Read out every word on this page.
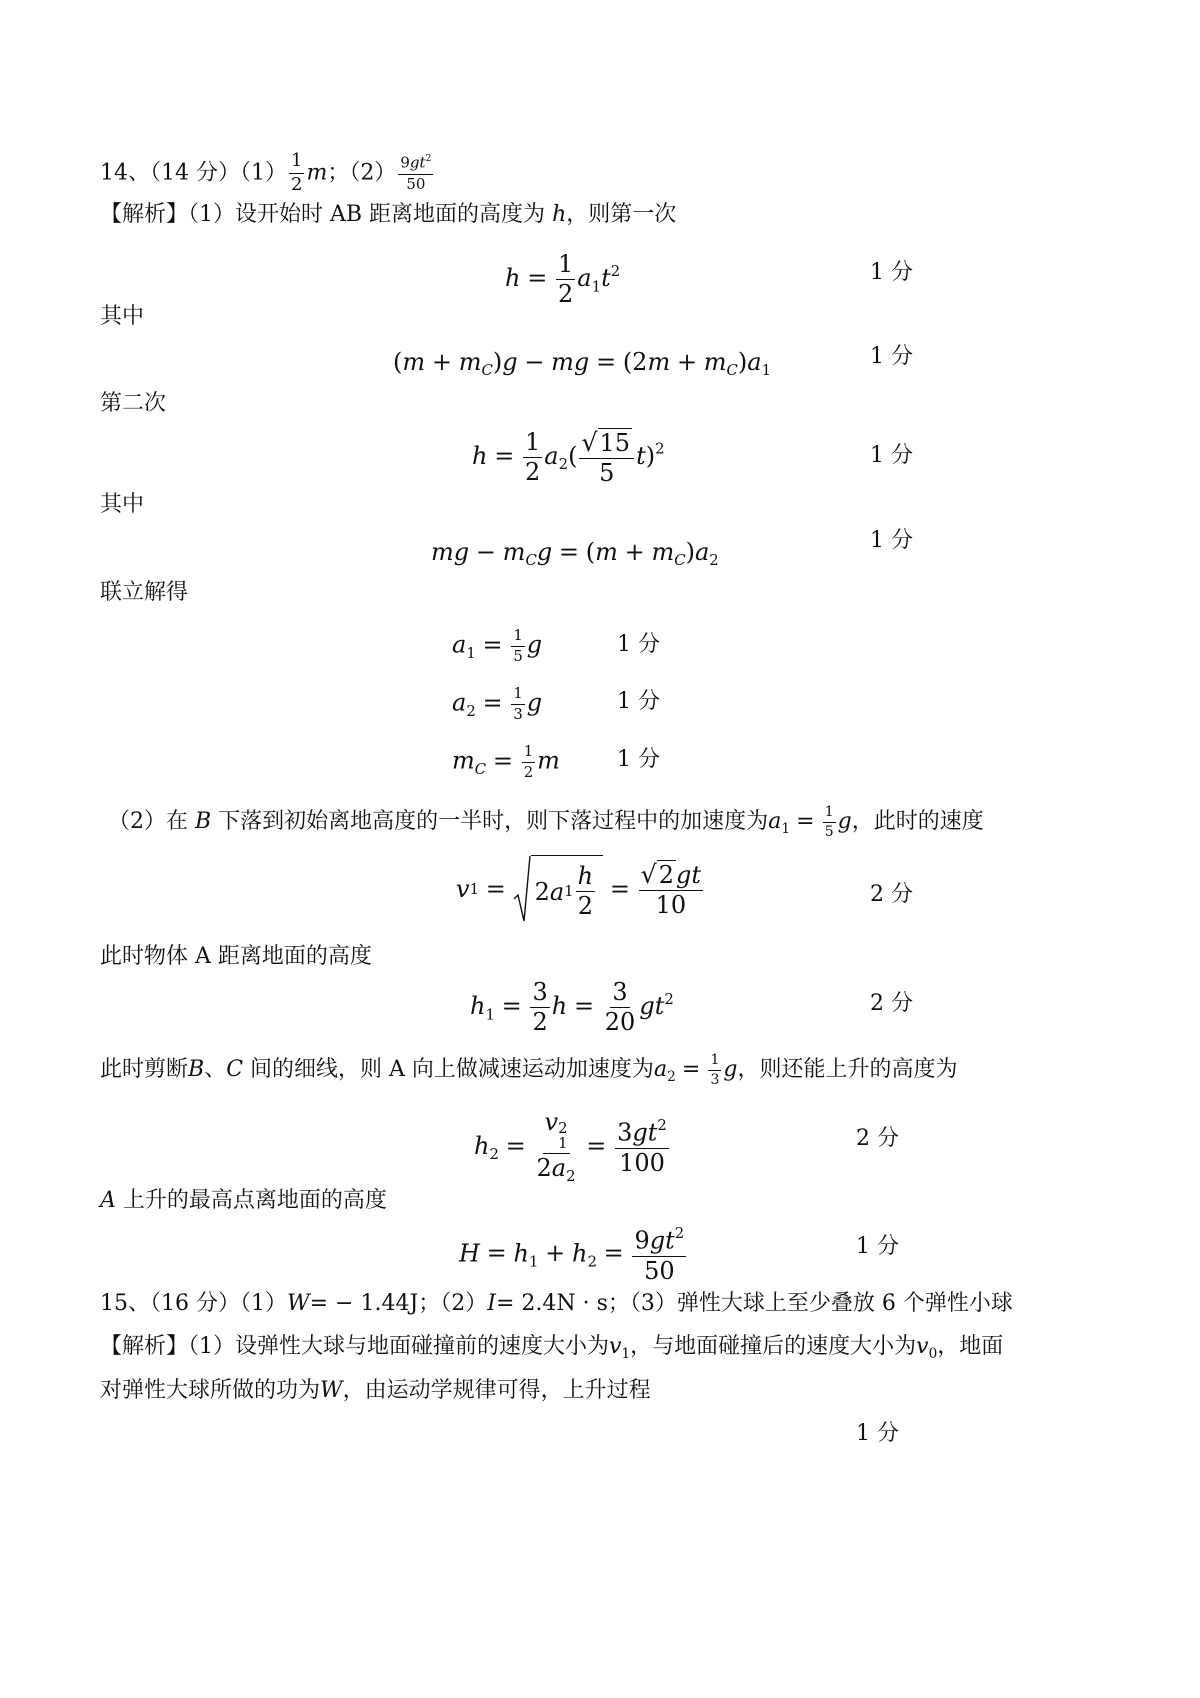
14、（14 分）$(1) \frac{1}{2}$ m；$(2) \frac{9gt^2}{50}$
【解析】（1）设开始时 AB 距离地面的高度为 h，则第一次
$h = \frac{1}{2} a_1t^2$	1 分
其中
$(m + m_C)g$ − mg = $(2m + m_C)a_1$
1 分
第二次
$h = \frac{1}{2} a_2( \frac{√15}{5} t)^2$	1 分
其中
mg − $m_Cg = (m + m_C)a_2$
1 分
联立解得
$a_1 = \frac{1}{5}$ g	1 分
$a_2 = \frac{1}{3}$ g	1 分
$m_C = \frac{1}{2}$ m	1 分
（2）在 B 下落到初始离地高度的一半时，则下落过程中的加速度为$a_1 = \frac{1}{5}$ g，此时的速度
v 1 = 2 a $1 \frac{h}{2} = \frac{√2gt}{10}$	2 分
此时物体 A 距离地面的高度
$h_1 = \frac{3}{2}$ $h = \frac{3}{20} gt^2$	2 分
此时剪断B、C 间的细线，则 A 向上做减速运动加速度为$a_2 = \frac{1}{3}$ g，则还能上升的高度为
$h_2 = v$ 2
1
$2a_2 = \frac{3gt^2}{100}$	2 分
A 上升的最高点离地面的高度
$H = h_1 + h_2 = \frac{9gt^2}{50}$	1 分
15、（16 分）（1）W= − 1.44J；（2）I= 2.4N · s；（3）弹性大球上至少叠放 6 个弹性小球
【解析】（1）设弹性大球与地面碰撞前的速度大小为$v_1$，与地面碰撞后的速度大小为$v_0$，地面
对弹性大球所做的功为W，由运动学规律可得，上升过程
1 分
